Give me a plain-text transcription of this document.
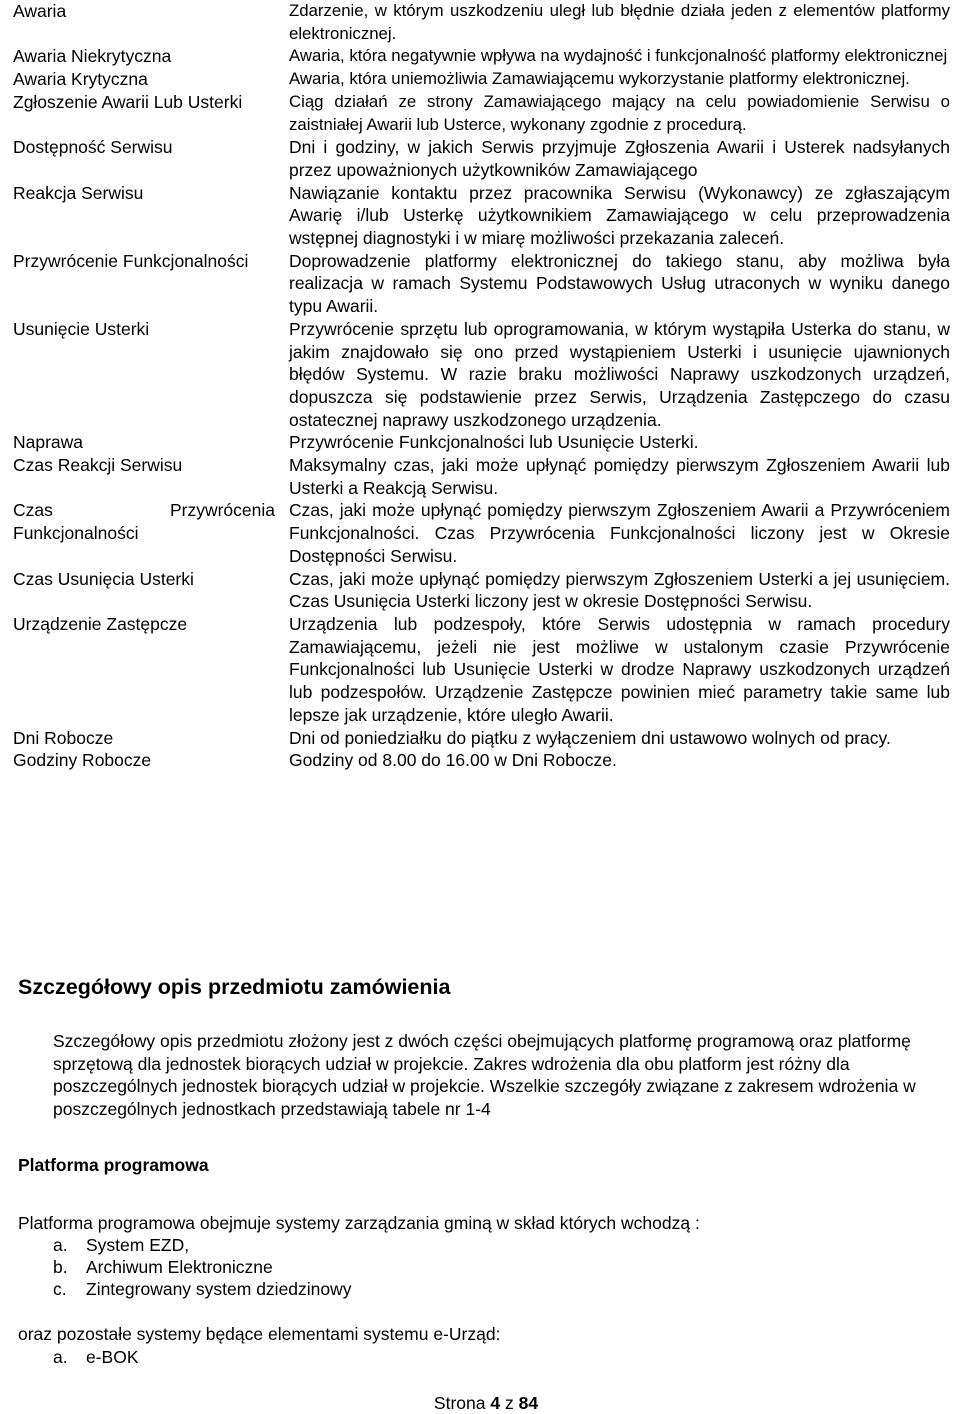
Awaria	Zdarzenie, w którym uszkodzeniu uległ lub błędnie działa jeden z elementów platformy elektronicznej.
Awaria Niekrytyczna	Awaria, która negatywnie wpływa na wydajność i funkcjonalność platformy elektronicznej
Awaria Krytyczna	Awaria, która uniemożliwia Zamawiającemu wykorzystanie platformy elektronicznej.
Zgłoszenie Awarii Lub Usterki	Ciąg działań ze strony Zamawiającego mający na celu powiadomienie Serwisu o zaistniałej Awarii lub Usterce, wykonany zgodnie z procedurą.
Dostępność Serwisu	Dni i godziny, w jakich Serwis przyjmuje Zgłoszenia Awarii i Usterek nadsyłanych przez upoważnionych użytkowników Zamawiającego
Reakcja Serwisu	Nawiązanie kontaktu przez pracownika Serwisu (Wykonawcy) ze zgłaszającym Awarię i/lub Usterkę użytkownikiem Zamawiającego w celu przeprowadzenia wstępnej diagnostyki i w miarę możliwości przekazania zaleceń.
Przywrócenie Funkcjonalności	Doprowadzenie platformy elektronicznej do takiego stanu, aby możliwa była realizacja w ramach Systemu Podstawowych Usług utraconych w wyniku danego typu Awarii.
Usunięcie Usterki	Przywrócenie sprzętu lub oprogramowania, w którym wystąpiła Usterka do stanu, w jakim znajdowało się ono przed wystąpieniem Usterki i usunięcie ujawnionych błędów Systemu. W razie braku możliwości Naprawy uszkodzonych urządzeń, dopuszcza się podstawienie przez Serwis, Urządzenia Zastępczego do czasu ostatecznej naprawy uszkodzonego urządzenia.
Naprawa	Przywrócenie Funkcjonalności lub Usunięcie Usterki.
Czas Reakcji Serwisu	Maksymalny czas, jaki może upłynąć pomiędzy pierwszym Zgłoszeniem Awarii lub Usterki a Reakcją Serwisu.
Czas Przywrócenia Funkcjonalności	Czas, jaki może upłynąć pomiędzy pierwszym Zgłoszeniem Awarii a Przywróceniem Funkcjonalności. Czas Przywrócenia Funkcjonalności liczony jest w Okresie Dostępności Serwisu.
Czas Usunięcia Usterki	Czas, jaki może upłynąć pomiędzy pierwszym Zgłoszeniem Usterki a jej usunięciem. Czas Usunięcia Usterki liczony jest w okresie Dostępności Serwisu.
Urządzenie Zastępcze	Urządzenia lub podzespoły, które Serwis udostępnia w ramach procedury Zamawiającemu, jeżeli nie jest możliwe w ustalonym czasie Przywrócenie Funkcjonalności lub Usunięcie Usterki w drodze Naprawy uszkodzonych urządzeń lub podzespołów. Urządzenie Zastępcze powinien mieć parametry takie same lub lepsze jak urządzenie, które uległo Awarii.
Dni Robocze	Dni od poniedziałku do piątku z wyłączeniem dni ustawowo wolnych od pracy.
Godziny Robocze	Godziny od 8.00 do 16.00 w Dni Robocze.
Szczegółowy opis przedmiotu zamówienia

Szczegółowy opis przedmiotu złożony jest z dwóch części obejmujących platformę programową oraz platformę sprzętową dla jednostek biorących udział w projekcie. Zakres wdrożenia dla obu platform jest różny dla poszczególnych jednostek biorących udział w projekcie. Wszelkie szczegóły związane z zakresem wdrożenia w poszczególnych jednostkach przedstawiają tabele nr 1-4

Platforma programowa

Platforma programowa obejmuje systemy zarządzania gminą w skład których wchodzą :

a. System EZD,
b. Archiwum Elektroniczne
c. Zintegrowany system dziedzinowy

oraz pozostałe systemy będące elementami systemu e-Urząd:

a. e-BOK
Strona 4 z 84
